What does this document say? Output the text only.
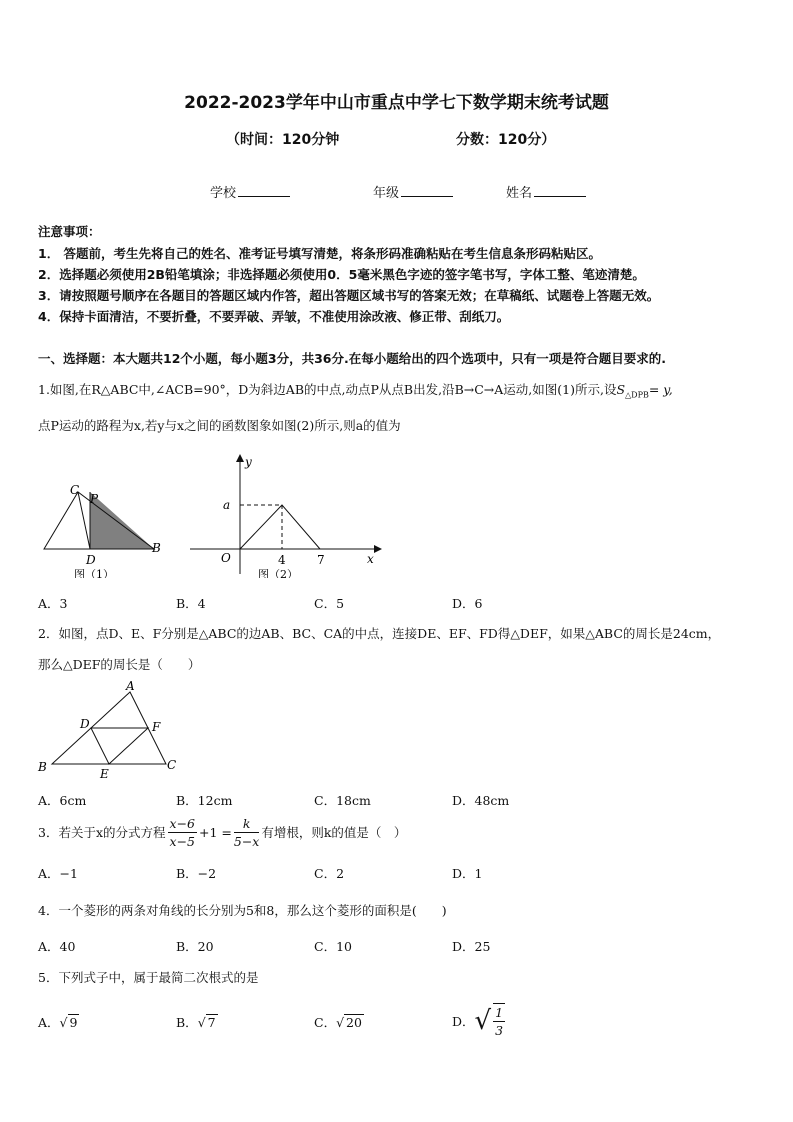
2022-2023学年中山市重点中学七下数学期末统考试题
（时间：120分钟	分数：120分）
学校	年级	姓名
注意事项：
1． 答题前，考生先将自己的姓名、准考证号填写清楚，将条形码准确粘贴在考生信息条形码粘贴区。
2．选择题必须使用2B铅笔填涂；非选择题必须使用0．5毫米黑色字迹的签字笔书写，字体工整、笔迹清楚。
3．请按照题号顺序在各题目的答题区域内作答，超出答题区域书写的答案无效；在草稿纸、试题卷上答题无效。
4．保持卡面清洁，不要折叠，不要弄破、弄皱，不准使用涂改液、修正带、刮纸刀。
一、选择题：本大题共12个小题，每小题3分，共36分.在每小题给出的四个选项中，只有一项是符合题目要求的.
1.如图,在R△ABC中,∠ACB=90°，D为斜边AB的中点,动点P从点B出发,沿B→C→A运动,如图(1)所示,设$S_{\triangle DPB}= y$,
点P运动的路程为x,若y与x之间的函数图象如图(2)所示,则a的值为
C
P
D
B
图（1）
y
a
O	4	7	x
图（2）
A．3	B．4	C．5	D．6
2．如图，点D、E、F分别是△ABC的边AB、BC、CA的中点，连接DE、EF、FD得△DEF，如果△ABC的周长是24cm，
那么△DEF的周长是（　　）
A
B	C
D
E
F
A．6cm	B．12cm	C．18cm	D．48cm
3．若关于x的分式方程 $\frac{x-6}{x-5} +1 = \frac{k}{5-x}$ 有增根，则k的值是（　）
A．−1	B．−2	C．2	D．1
4．一个菱形的两条对角线的长分别为5和8，那么这个菱形的面积是(　　)
A．40	B．20	C．10	D．25
5．下列式子中，属于最简二次根式的是
A．√ 9	B．√ 7	C．√ 20	D．√ $\frac{1}{3}$
